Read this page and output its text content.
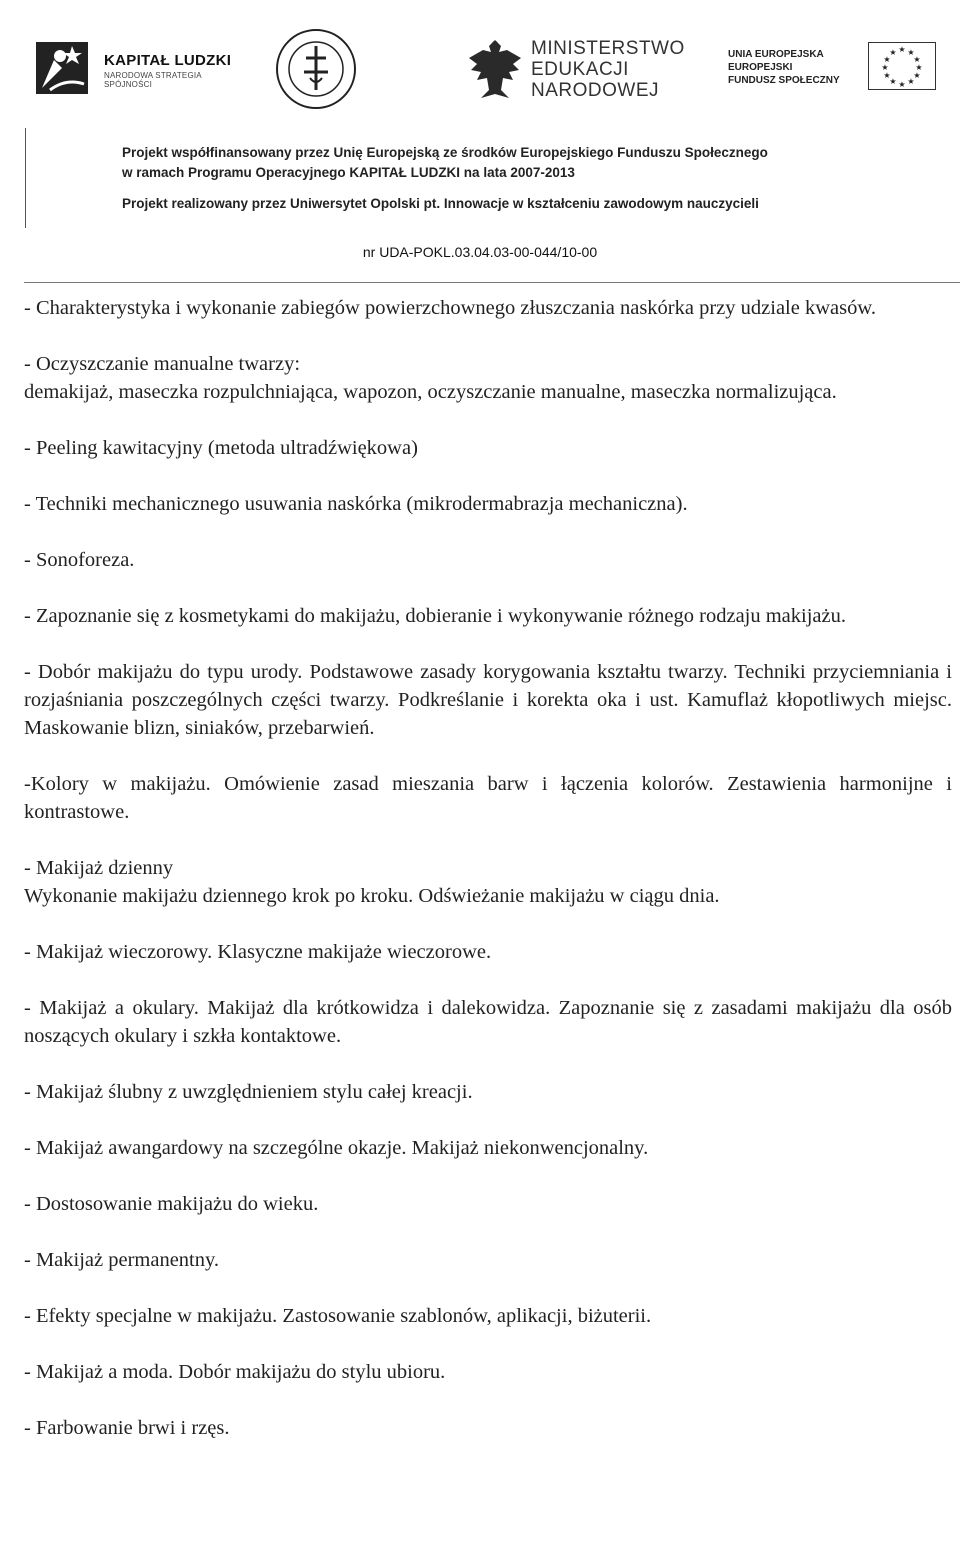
KAPITAŁ LUDZKI
NARODOWA STRATEGIA SPÓJNOŚCI
MINISTERSTWO
EDUKACJI
NARODOWEJ
UNIA EUROPEJSKA
EUROPEJSKI
FUNDUSZ SPOŁECZNY
★ ★
★
★
★
★
★
★
★
★
★
★
Projekt współfinansowany przez Unię Europejską ze środków Europejskiego Funduszu Społecznego
w ramach Programu Operacyjnego KAPITAŁ LUDZKI na lata 2007-2013
Projekt realizowany przez Uniwersytet Opolski pt. Innowacje w kształceniu zawodowym nauczycieli
nr UDA-POKL.03.04.03-00-044/10-00

- Charakterystyka i wykonanie zabiegów powierzchownego złuszczania naskórka przy udziale kwasów.

- Oczyszczanie manualne twarzy:

demakijaż, maseczka rozpulchniająca, wapozon, oczyszczanie manualne, maseczka normalizująca.

- Peeling kawitacyjny (metoda ultradźwiękowa)

- Techniki mechanicznego usuwania naskórka (mikrodermabrazja mechaniczna).

- Sonoforeza.

- Zapoznanie się z kosmetykami do makijażu, dobieranie i wykonywanie różnego rodzaju makijażu.

- Dobór makijażu do typu urody. Podstawowe zasady korygowania kształtu twarzy. Techniki przyciemniania i rozjaśniania poszczególnych części twarzy. Podkreślanie i korekta oka i ust. Kamuflaż kłopotliwych miejsc. Maskowanie blizn, siniaków, przebarwień.

-Kolory w makijażu. Omówienie zasad mieszania barw i łączenia kolorów. Zestawienia harmonijne i kontrastowe.

- Makijaż dzienny

Wykonanie makijażu dziennego krok po kroku. Odświeżanie makijażu w ciągu dnia.

- Makijaż wieczorowy. Klasyczne makijaże wieczorowe.

- Makijaż a okulary. Makijaż dla krótkowidza i dalekowidza. Zapoznanie się z zasadami makijażu dla osób noszących okulary i szkła kontaktowe.

- Makijaż ślubny z uwzględnieniem stylu całej kreacji.

- Makijaż awangardowy na szczególne okazje. Makijaż niekonwencjonalny.

- Dostosowanie makijażu do wieku.

- Makijaż permanentny.

- Efekty specjalne w makijażu. Zastosowanie szablonów, aplikacji, biżuterii.

- Makijaż a moda. Dobór makijażu do stylu ubioru.

- Farbowanie brwi i rzęs.
